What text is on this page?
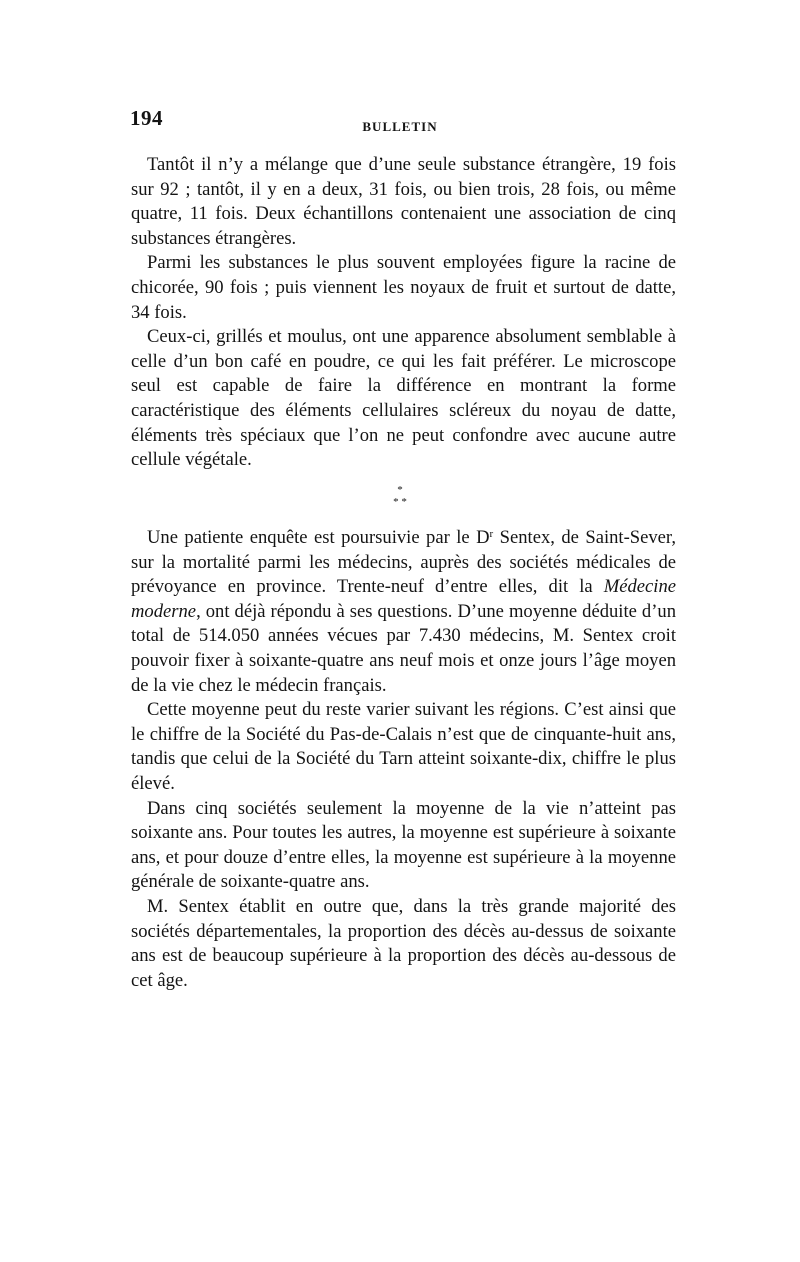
194	BULLETIN

Tantôt il n’y a mélange que d’une seule substance étrangère, 19 fois sur 92 ; tantôt, il y en a deux, 31 fois, ou bien trois, 28 fois, ou même quatre, 11 fois. Deux échantillons contenaient une association de cinq substances étrangères.

Parmi les substances le plus souvent employées figure la racine de chicorée, 90 fois ; puis viennent les noyaux de fruit et surtout de datte, 34 fois.

Ceux-ci, grillés et moulus, ont une apparence absolument semblable à celle d’un bon café en poudre, ce qui les fait préférer. Le microscope seul est capable de faire la différence en montrant la forme caractéristique des éléments cellulaires scléreux du noyau de datte, éléments très spéciaux que l’on ne peut confondre avec aucune autre cellule végétale.

*
* *

Une patiente enquête est poursuivie par le $D^r$ Sentex, de Saint-Sever, sur la mortalité parmi les médecins, auprès des sociétés médicales de prévoyance en province. Trente-neuf d’entre elles, dit la Médecine moderne, ont déjà répondu à ses questions. D’une moyenne déduite d’un total de 514.050 années vécues par 7.430 médecins, M. Sentex croit pouvoir fixer à soixante-quatre ans neuf mois et onze jours l’âge moyen de la vie chez le médecin français.

Cette moyenne peut du reste varier suivant les régions. C’est ainsi que le chiffre de la Société du Pas-de-Calais n’est que de cinquante-huit ans, tandis que celui de la Société du Tarn atteint soixante-dix, chiffre le plus élevé.

Dans cinq sociétés seulement la moyenne de la vie n’atteint pas soixante ans. Pour toutes les autres, la moyenne est supérieure à soixante ans, et pour douze d’entre elles, la moyenne est supérieure à la moyenne générale de soixante-quatre ans.

M. Sentex établit en outre que, dans la très grande majorité des sociétés départementales, la proportion des décès au-dessus de soixante ans est de beaucoup supérieure à la proportion des décès au-dessous de cet âge.
